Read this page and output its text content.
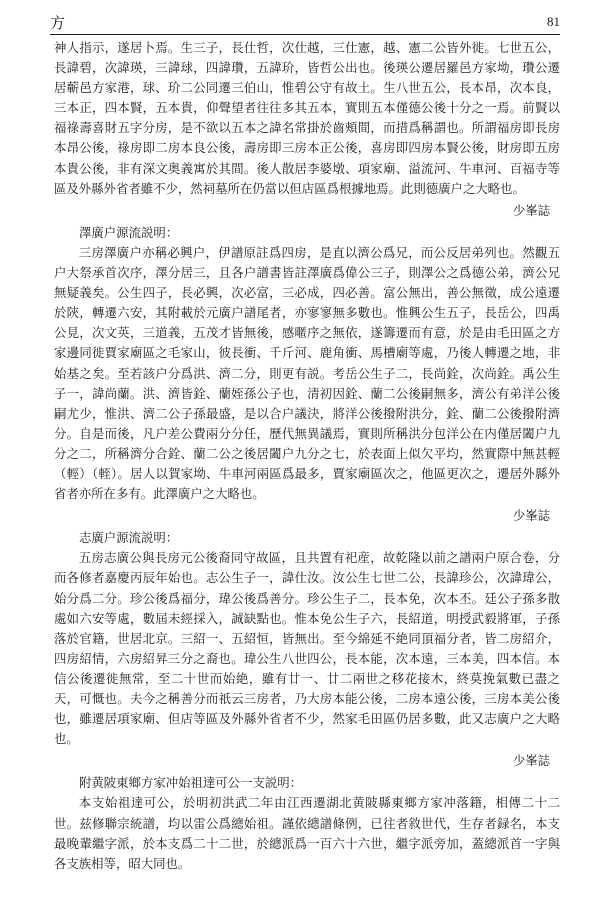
方	81

神人指示，遂居卜焉。生三子，長仕哲，次仕越，三仕憲，越、憲二公皆外徙。七世五公，長諱碧，次諱瑛，三諱球，四諱瓚，五諱玠，皆哲公出也。後瑛公遷居羅邑方家坳，瓚公遷居蘄邑方家港，球、玠二公同遷三伯山，惟碧公守有故土。生八世五公，長本昂，次本良，三本正，四本賢，五本貴，仰聲望者往往多其五本，實則五本僅德公後十分之一焉。前賢以福祿壽喜財五字分房，是不欲以五本之諱名常掛於齒頰間，而措爲稱謂也。所謂福房即長房本昂公後，祿房即二房本良公後，壽房即三房本正公後，喜房即四房本賢公後，財房即五房本貴公後，非有深文奥義寓於其間。後人散居李婆墩、項家廟、溢流河、牛車河、百福寺等區及外縣外省者雖不少，然祠墓所在仍當以但店區爲根據地焉。此則德廣户之大略也。

少峯誌

澤廣户源流説明：

三房澤廣户亦稱必興户，伊譜原註爲四房，是直以濟公爲兄，而公反居弟列也。然觀五户大祭承首次序，澤分居三，且各户譜書皆註澤廣爲偉公三子，則澤公之爲德公弟，濟公兄無疑義矣。公生四子，長必興，次必富，三必成，四必善。富公無出，善公無徵，成公遠遷於陝，轉遷六安，其附載於元廣户譜尾者，亦寥寥無多數也。惟興公生五子，長岳公，四禹公見，次文英，三道義，五茂才皆無後，感暱序之無依，遂籌遷而有意，於是由毛田區之方家邊同徙賈家廟區之毛家山，彼長衝、千斤河、鹿角衝、馬槽廟等處，乃後人轉遷之地，非始基之矣。至若該户分爲洪、濟二分，則更有説。考岳公生子二，長尚銓，次尚銓。禹公生子一，諱尚蘭。洪、濟皆銓、蘭姪孫公子也，清初因銓、蘭二公後嗣無多，濟公有弟洋公後嗣尤少，惟洪、濟二公子孫最盛，是以合户議決，將洋公後撥附洪分，銓、蘭二公後撥附濟分。自是而後，凡户差公費兩分分任，歷代無異議焉，實則所稱洪分包洋公在内僅居闔户九分之二，所稱濟分合銓、蘭二公之後居闔户九分之七，於表面上似欠平均，然實際中無甚輕（輕）（輊）。居人以賀家坳、牛車河兩區爲最多，賈家廟區次之，他區更次之，遷居外縣外省者亦所在多有。此澤廣户之大略也。

少峯誌

志廣户源流説明：

五房志廣公與長房元公後裔同守故區，且共置有祀産，故乾隆以前之譜兩户原合卷，分而各修者嘉慶丙辰年始也。志公生子一，諱仕汝。汝公生七世二公，長諱珍公，次諱瑋公，始分爲二分。珍公後爲福分，瑋公後爲善分。珍公生子二，長本免，次本丕。廷公子孫多散處如六安等處，數屆未經採入，誠缺點也。惟本免公生子六，長紹道，明授武毅將軍，子孫落於官籍，世居北京。三紹一、五紹恒，皆無出。至今綿延不絶同頂福分者，皆二房紹介，四房紹情，六房紹昇三分之裔也。瑋公生八世四公，長本能，次本遠，三本美，四本信。本信公後遷徙無常，至二十世而始絶，雖有廿一、廿二兩世之移花接木，終莫挽氣數已盡之天，可慨也。夫今之稱善分而祇云三房者，乃大房本能公後，二房本遠公後，三房本美公後也，雖遷居項家廟、但店等區及外縣外省者不少，然家毛田區仍居多數，此又志廣户之大略也。

少峯誌

附黄陂東鄉方家冲始祖達可公一支説明：

本支始祖達可公，於明初洪武二年由江西遷湖北黄陂縣東鄉方家冲落籍，相傳二十二世。兹修聯宗統譜，均以雷公爲總始祖。謹依總譜條例，已往者敘世代，生存者録名，本支最晚輩繼字派，於本支爲二十二世，於總派爲一百六十六世，繼字派旁加，蓋總派首一字與各支族相等，昭大同也。
